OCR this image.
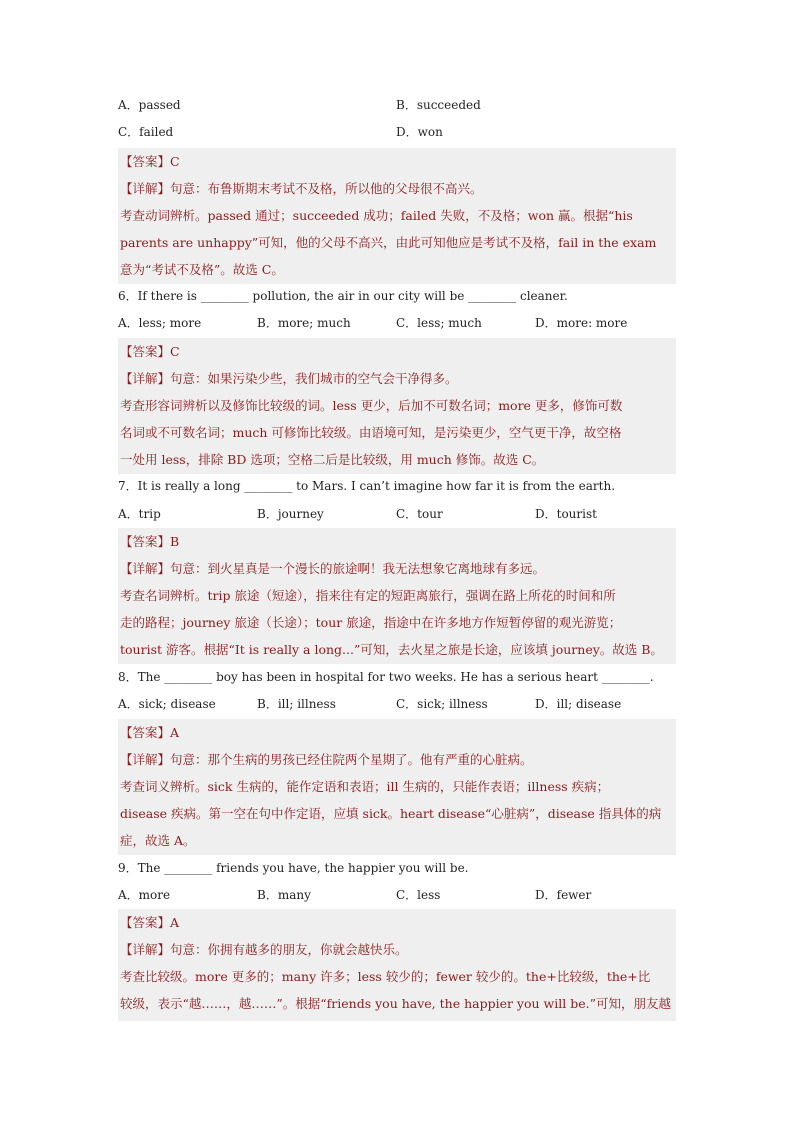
A．passed	B．succeeded
C．failed	D．won
【答案】C
【详解】句意：布鲁斯期末考试不及格，所以他的父母很不高兴。
考查动词辨析。passed 通过；succeeded 成功；failed 失败，不及格；won 赢。根据“his
parents are unhappy”可知，他的父母不高兴，由此可知他应是考试不及格，fail in the exam
意为“考试不及格”。故选 C。
6．If there is ________ pollution, the air in our city will be ________ cleaner.
A．less; more	B．more; much	C．less; much	D．more: more
【答案】C
【详解】句意：如果污染少些，我们城市的空气会干净得多。
考查形容词辨析以及修饰比较级的词。less 更少，后加不可数名词；more 更多，修饰可数
名词或不可数名词；much 可修饰比较级。由语境可知，是污染更少，空气更干净，故空格
一处用 less，排除 BD 选项；空格二后是比较级，用 much 修饰。故选 C。
7．It is really a long ________ to Mars. I can’t imagine how far it is from the earth.
A．trip	B．journey	C．tour	D．tourist
【答案】B
【详解】句意：到火星真是一个漫长的旅途啊！我无法想象它离地球有多远。
考查名词辨析。trip 旅途（短途），指来往有定的短距离旅行，强调在路上所花的时间和所
走的路程；journey 旅途（长途）；tour 旅途，指途中在许多地方作短暂停留的观光游览；
tourist 游客。根据“It is really a long...”可知，去火星之旅是长途，应该填 journey。故选 B。
8．The ________ boy has been in hospital for two weeks. He has a serious heart ________.
A．sick; disease	B．ill; illness	C．sick; illness	D．ill; disease
【答案】A
【详解】句意：那个生病的男孩已经住院两个星期了。他有严重的心脏病。
考查词义辨析。sick 生病的，能作定语和表语；ill 生病的，只能作表语；illness 疾病；
disease 疾病。第一空在句中作定语，应填 sick。heart disease“心脏病”，disease 指具体的病
症，故选 A。
9．The ________ friends you have, the happier you will be.
A．more	B．many	C．less	D．fewer
【答案】A
【详解】句意：你拥有越多的朋友，你就会越快乐。
考查比较级。more 更多的；many 许多；less 较少的；fewer 较少的。the+比较级，the+比
较级，表示“越……，越……”。根据“friends you have, the happier you will be.”可知，朋友越
